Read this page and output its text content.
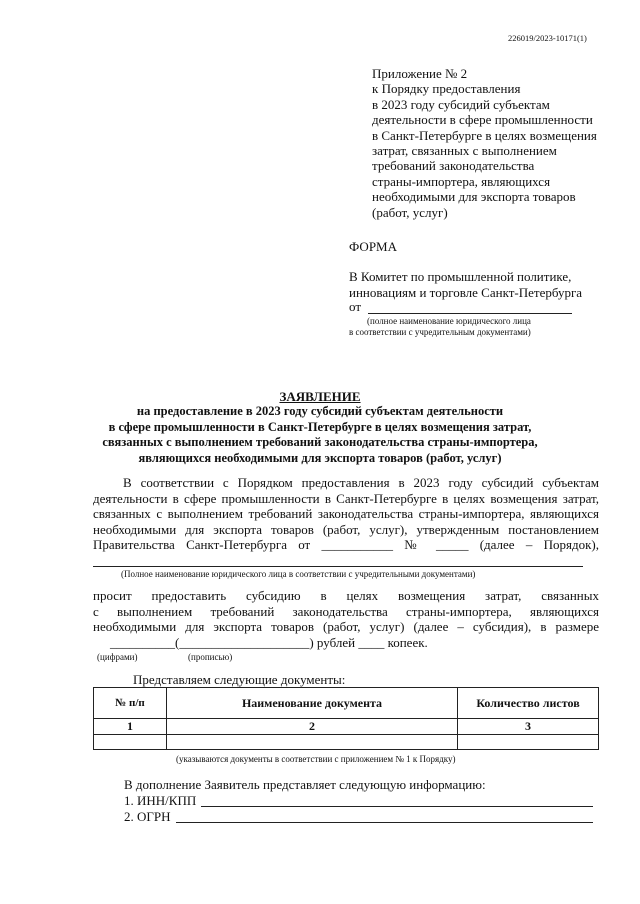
226019/2023-10171(1)
Приложение № 2
к Порядку предоставления
в 2023 году субсидий субъектам
деятельности в сфере промышленности
в Санкт-Петербурге в целях возмещения
затрат, связанных с выполнением
требований законодательства
страны-импортера, являющихся
необходимыми для экспорта товаров
(работ, услуг)
ФОРМА
В Комитет по промышленной политике,
инновациям и торговле Санкт-Петербурга
от
(полное наименование юридического лица
в соответствии с учредительным документами)
ЗАЯВЛЕНИЕ
на предоставление в 2023 году субсидий субъектам деятельности
в сфере промышленности в Санкт-Петербурге в целях возмещения затрат,
связанных с выполнением требований законодательства страны-импортера,
являющихся необходимыми для экспорта товаров (работ, услуг)
В соответствии с Порядком предоставления в 2023 году субсидий субъектам
деятельности в сфере промышленности в Санкт-Петербурге в целях возмещения затрат,
связанных с выполнением требований законодательства страны-импортера, являющихся
необходимыми для экспорта товаров (работ, услуг), утвержденным постановлением
Правительства Санкт-Петербурга от ___________ № _____ (далее – Порядок),
(Полное наименование юридического лица в соответствии с учредительными документами)
просит предоставить субсидию в целях возмещения затрат, связанных
с выполнением требований законодательства страны-импортера, являющихся
необходимыми для экспорта товаров (работ, услуг) (далее – субсидия), в размере
__________(____________________) рублей ____ копеек.
(цифрами)	(прописью)
Представляем следующие документы:
№ п/п	Наименование документа	Количество листов
1	2	3

(указываются документы в соответствии с приложением № 1 к Порядку)
В дополнение Заявитель представляет следующую информацию:
1. ИНН/КПП
2. ОГРН
